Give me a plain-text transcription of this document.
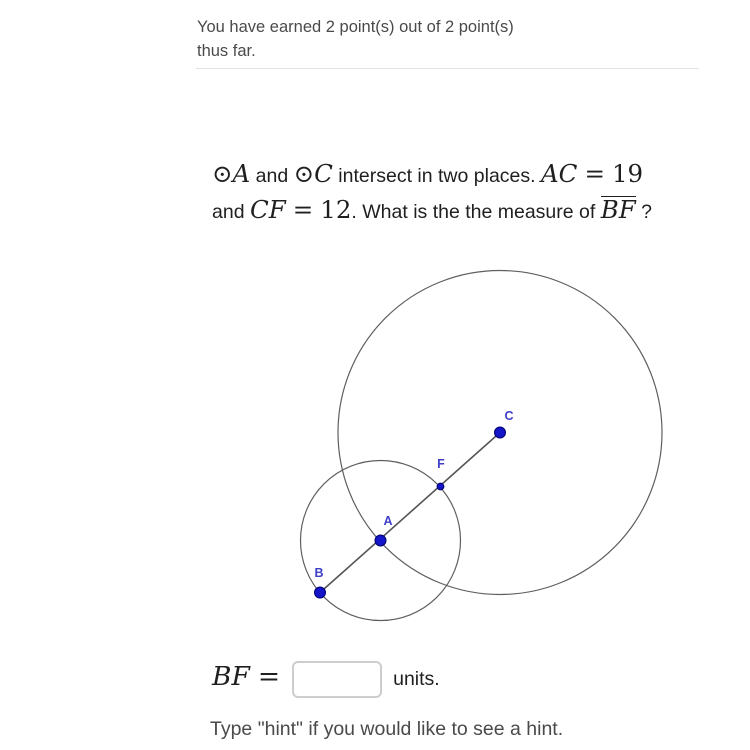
You have earned 2 point(s) out of 2 point(s)
thus far.
⊙A and ⊙C intersect in two places. AC = 19
and CF = 12. What is the the measure of BF ?
B
A
F
C
BF =	units.
Type "hint" if you would like to see a hint.
